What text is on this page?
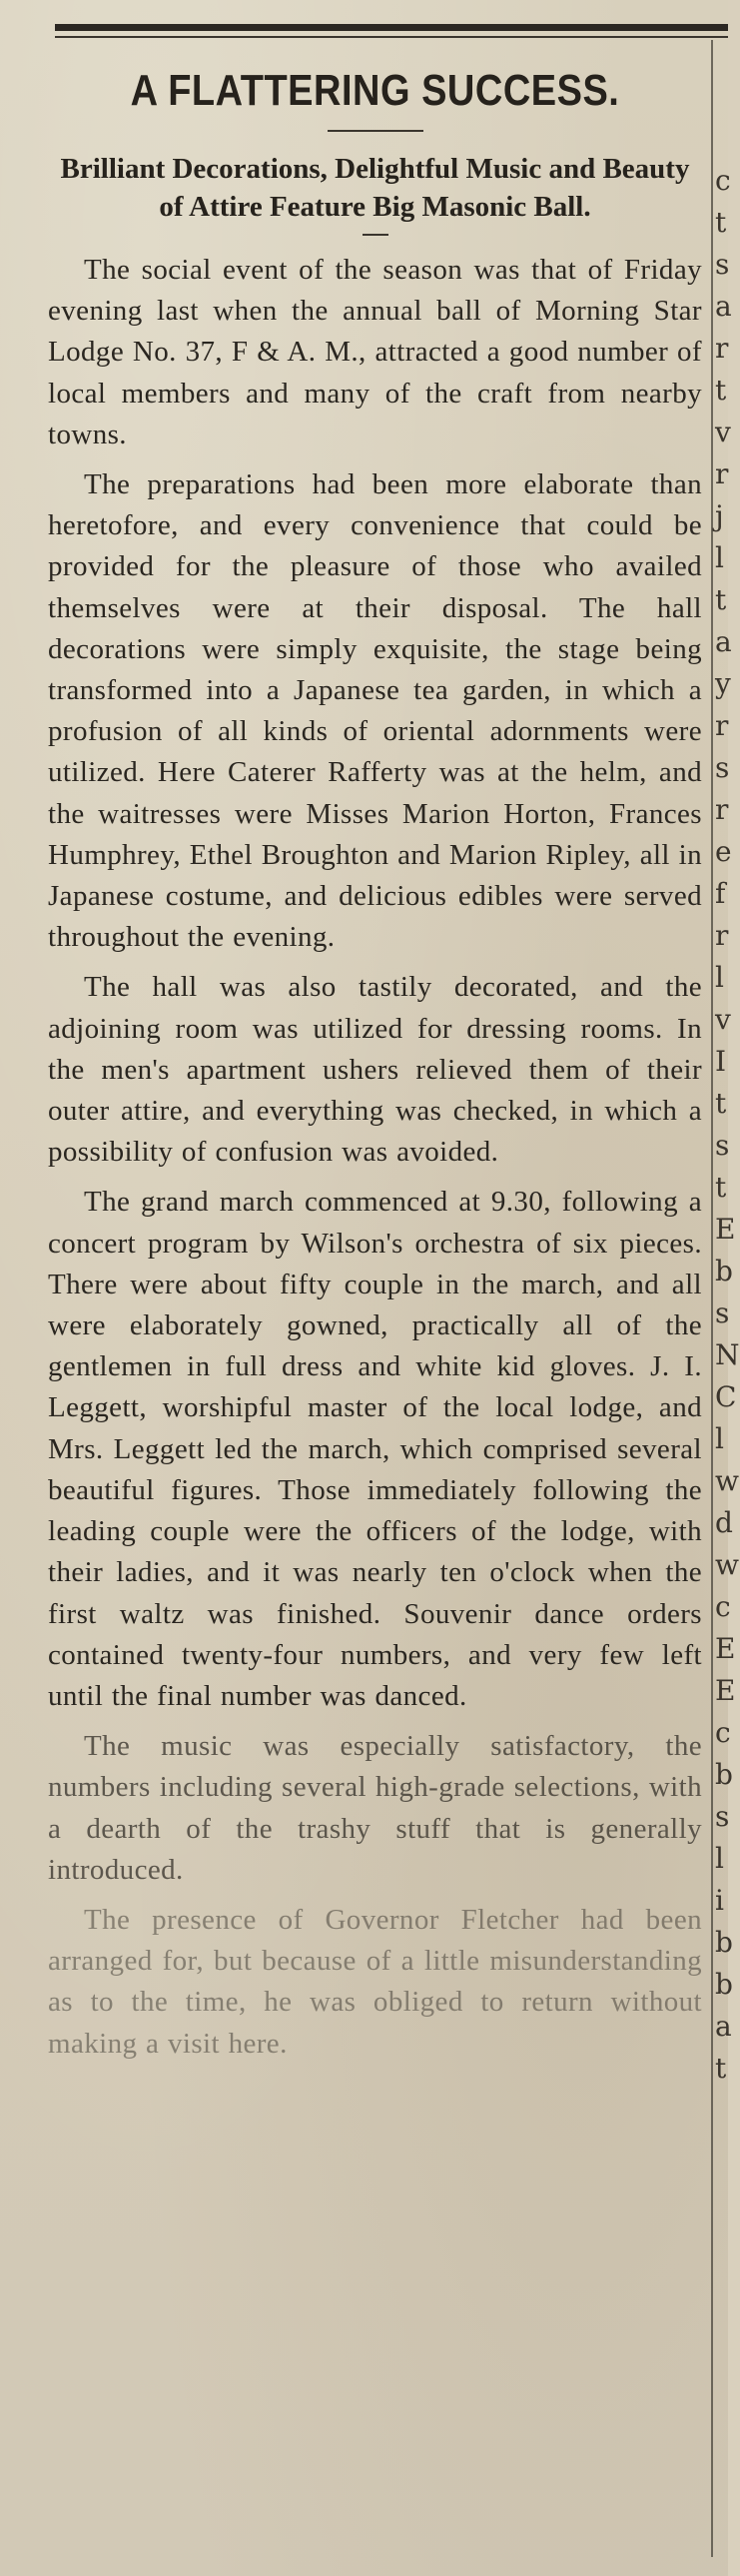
c
t
s
a
r
t
v
r
j
l
t
a
y
r
s
r
e
f
r
l
v
I
t
s
t
E
b
s
N
C
l
w
d
w
c
E
E
c
b
s
l
i
b
b
a
t
A FLATTERING SUCCESS.
Brilliant Decorations, Delightful Music and Beauty of Attire Feature Big Masonic Ball.

The social event of the season was that of Friday evening last when the annual ball of Morning Star Lodge No. 37, F & A. M., attracted a good number of local members and many of the craft from nearby towns.

The preparations had been more elaborate than heretofore, and every convenience that could be provided for the pleasure of those who availed themselves were at their disposal. The hall decorations were simply exquisite, the stage being transformed into a Japanese tea garden, in which a profusion of all kinds of oriental adornments were utilized. Here Caterer Rafferty was at the helm, and the waitresses were Misses Marion Horton, Frances Humphrey, Ethel Broughton and Marion Ripley, all in Japanese costume, and delicious edibles were served throughout the evening.

The hall was also tastily decorated, and the adjoining room was utilized for dressing rooms. In the men's apartment ushers relieved them of their outer attire, and everything was checked, in which a possibility of confusion was avoided.

The grand march commenced at 9.30, following a concert program by Wilson's orchestra of six pieces. There were about fifty couple in the march, and all were elaborately gowned, practically all of the gentlemen in full dress and white kid gloves. J. I. Leggett, worshipful master of the local lodge, and Mrs. Leggett led the march, which comprised several beautiful figures. Those immediately following the leading couple were the officers of the lodge, with their ladies, and it was nearly ten o'clock when the first waltz was finished. Souvenir dance orders contained twenty-four numbers, and very few left until the final number was danced.

The music was especially satisfactory, the numbers including several high-grade selections, with a dearth of the trashy stuff that is generally introduced.

The presence of Governor Fletcher had been arranged for, but because of a little misunderstanding as to the time, he was obliged to return without making a visit here.
